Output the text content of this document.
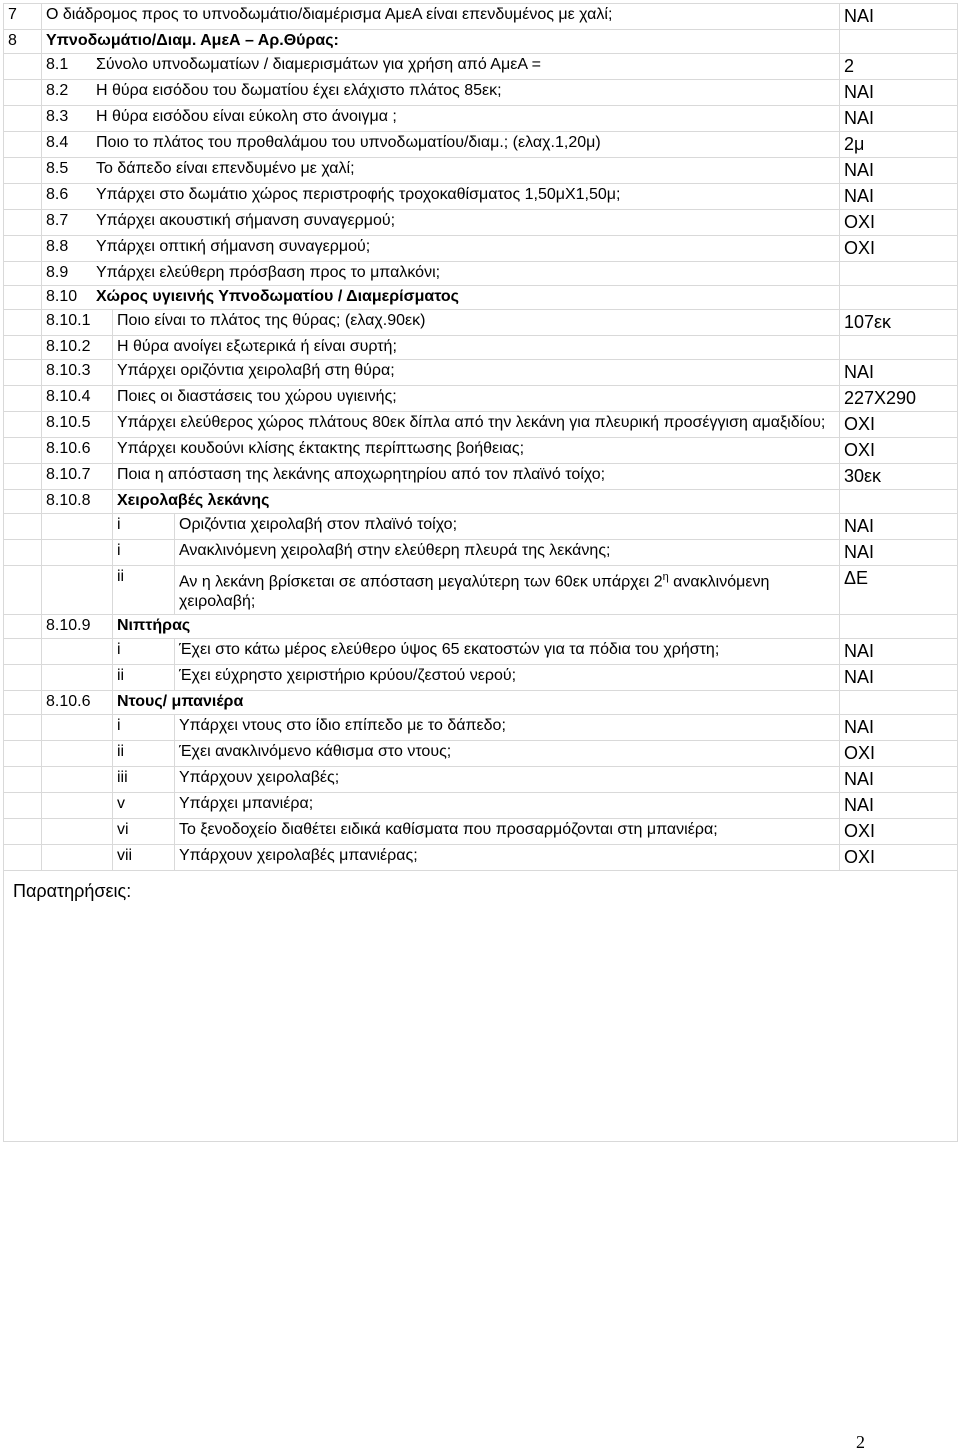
7	Ο διάδρομος προς το υπνοδωμάτιο/διαμέρισμα ΑμεΑ είναι επενδυμένος με χαλί;			ΝΑΙ
8	Υπνοδωμάτιο/Διαμ. ΑμεΑ – Αρ.Θύρας:			
	8.1 Σύνολο υπνοδωματίων / διαμερισμάτων για χρήση από ΑμεΑ =			2
	8.2 Η θύρα εισόδου του δωματίου έχει ελάχιστο πλάτος 85εκ;			ΝΑΙ
	8.3 Η θύρα εισόδου είναι εύκολη στο άνοιγμα ;			ΝΑΙ
	8.4 Ποιο το πλάτος του προθαλάμου του υπνοδωματίου/διαμ.; (ελαχ.1,20μ)			2μ
	8.5 Το δάπεδο είναι επενδυμένο με χαλί;			ΝΑΙ
	8.6 Υπάρχει στο δωμάτιο χώρος περιστροφής τροχοκαθίσματος 1,50μΧ1,50μ;			ΝΑΙ
	8.7 Υπάρχει ακουστική σήμανση συναγερμού;			ΟΧΙ
	8.8 Υπάρχει οπτική σήμανση συναγερμού;			ΟΧΙ
	8.9 Υπάρχει ελεύθερη πρόσβαση προς το μπαλκόνι;			
	8.10 Χώρος υγιεινής Υπνοδωματίου / Διαμερίσματος			
	8.10.1	Ποιο είναι το πλάτος της θύρας; (ελαχ.90εκ)		107εκ
	8.10.2	Η θύρα ανοίγει εξωτερικά ή είναι συρτή;		
	8.10.3	Υπάρχει οριζόντια χειρολαβή στη θύρα;		ΝΑΙ
	8.10.4	Ποιες οι διαστάσεις του χώρου υγιεινής;		227Χ290
	8.10.5	Υπάρχει ελεύθερος χώρος πλάτους 80εκ δίπλα από την λεκάνη για πλευρική προσέγγιση αμαξιδίου;		ΟΧΙ
	8.10.6	Υπάρχει κουδούνι κλίσης έκτακτης περίπτωσης βοήθειας;		ΟΧΙ
	8.10.7	Ποια η απόσταση της λεκάνης αποχωρητηρίου από τον πλαϊνό τοίχο;		30εκ
	8.10.8	Χειρολαβές λεκάνης		
		i	Οριζόντια χειρολαβή στον πλαϊνό τοίχο;	ΝΑΙ
		i	Ανακλινόμενη χειρολαβή στην ελεύθερη πλευρά της λεκάνης;	ΝΑΙ
		ii	Αν η λεκάνη βρίσκεται σε απόσταση μεγαλύτερη των 60εκ υπάρχει $2^\eta$ ανακλινόμενη χειρολαβή;	ΔΕ
	8.10.9	Νιπτήρας		
		i	Έχει στο κάτω μέρος ελεύθερο ύψος 65 εκατοστών για τα πόδια του χρήστη;	ΝΑΙ
		ii	Έχει εύχρηστο χειριστήριο κρύου/ζεστού νερού;	ΝΑΙ
	8.10.6	Ντους/ μπανιέρα		
		i	Υπάρχει ντους στο ίδιο επίπεδο με το δάπεδο;	ΝΑΙ
		ii	Έχει ανακλινόμενο κάθισμα στο ντους;	ΟΧΙ
		iii	Υπάρχουν χειρολαβές;	ΝΑΙ
		v	Υπάρχει μπανιέρα;	ΝΑΙ
		vi	Το ξενοδοχείο διαθέτει ειδικά καθίσματα που προσαρμόζονται στη μπανιέρα;	ΟΧΙ
		vii	Υπάρχουν χειρολαβές μπανιέρας;	ΟΧΙ

Παρατηρήσεις:				
2
